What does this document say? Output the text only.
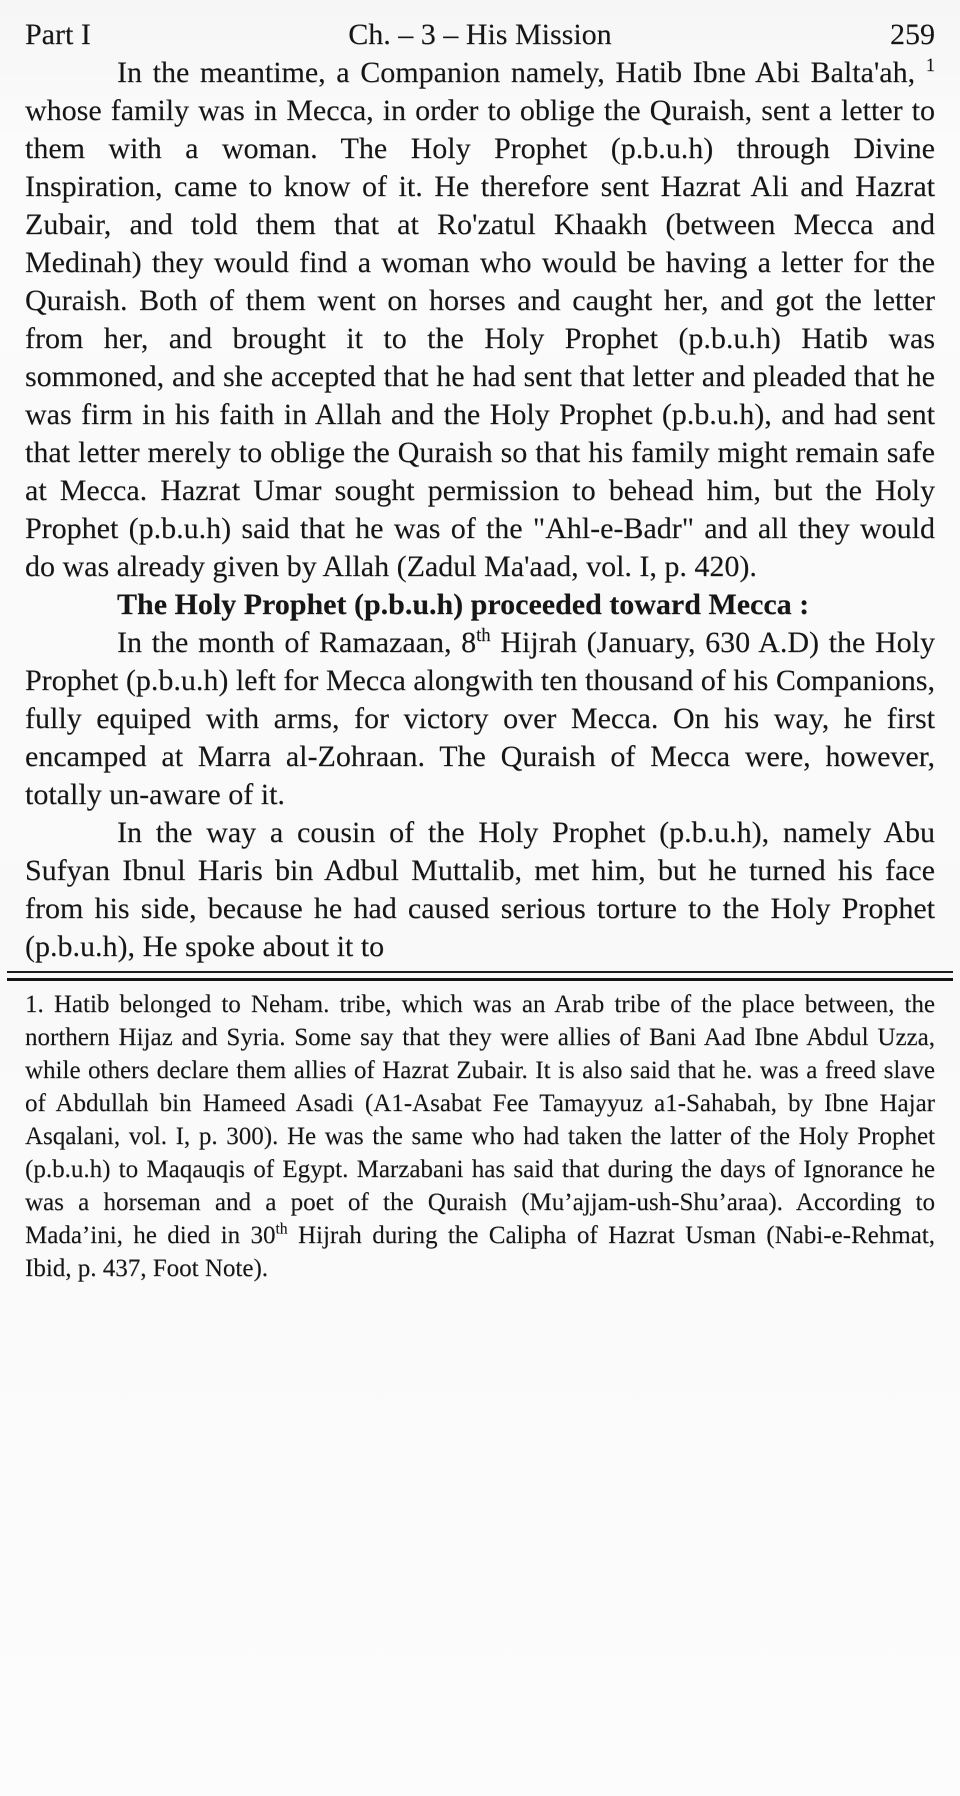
Part I	Ch. – 3 – His Mission	259

In the meantime, a Companion namely, Hatib Ibne Abi Balta'ah, $^1$ whose family was in Mecca, in order to oblige the Quraish, sent a letter to them with a woman. The Holy Prophet (p.b.u.h) through Divine Inspiration, came to know of it. He therefore sent Hazrat Ali and Hazrat Zubair, and told them that at Ro'zatul Khaakh (between Mecca and Medinah) they would find a woman who would be having a letter for the Quraish. Both of them went on horses and caught her, and got the letter from her, and brought it to the Holy Prophet (p.b.u.h) Hatib was sommoned, and she accepted that he had sent that letter and pleaded that he was firm in his faith in Allah and the Holy Prophet (p.b.u.h), and had sent that letter merely to oblige the Quraish so that his family might remain safe at Mecca. Hazrat Umar sought permission to behead him, but the Holy Prophet (p.b.u.h) said that he was of the "Ahl-e-Badr" and all they would do was already given by Allah (Zadul Ma'aad, vol. I, p. 420).

The Holy Prophet (p.b.u.h) proceeded toward Mecca :

In the month of Ramazaan, 8th Hijrah (January, 630 A.D) the Holy Prophet (p.b.u.h) left for Mecca alongwith ten thousand of his Companions, fully equiped with arms, for victory over Mecca. On his way, he first encamped at Marra al-Zohraan. The Quraish of Mecca were, however, totally un-aware of it.

In the way a cousin of the Holy Prophet (p.b.u.h), namely Abu Sufyan Ibnul Haris bin Adbul Muttalib, met him, but he turned his face from his side, because he had caused serious torture to the Holy Prophet (p.b.u.h), He spoke about it to

1. Hatib belonged to Neham. tribe, which was an Arab tribe of the place between, the northern Hijaz and Syria. Some say that they were allies of Bani Aad Ibne Abdul Uzza, while others declare them allies of Hazrat Zubair. It is also said that he. was a freed slave of Abdullah bin Hameed Asadi (A1-Asabat Fee Tamayyuz a1-Sahabah, by Ibne Hajar Asqalani, vol. I, p. 300). He was the same who had taken the latter of the Holy Prophet (p.b.u.h) to Maqauqis of Egypt. Marzabani has said that during the days of Ignorance he was a horseman and a poet of the Quraish (Mu’ajjam-ush-Shu’araa). According to Mada’ini, he died in 30th Hijrah during the Calipha of Hazrat Usman (Nabi-e-Rehmat, Ibid, p. 437, Foot Note).
